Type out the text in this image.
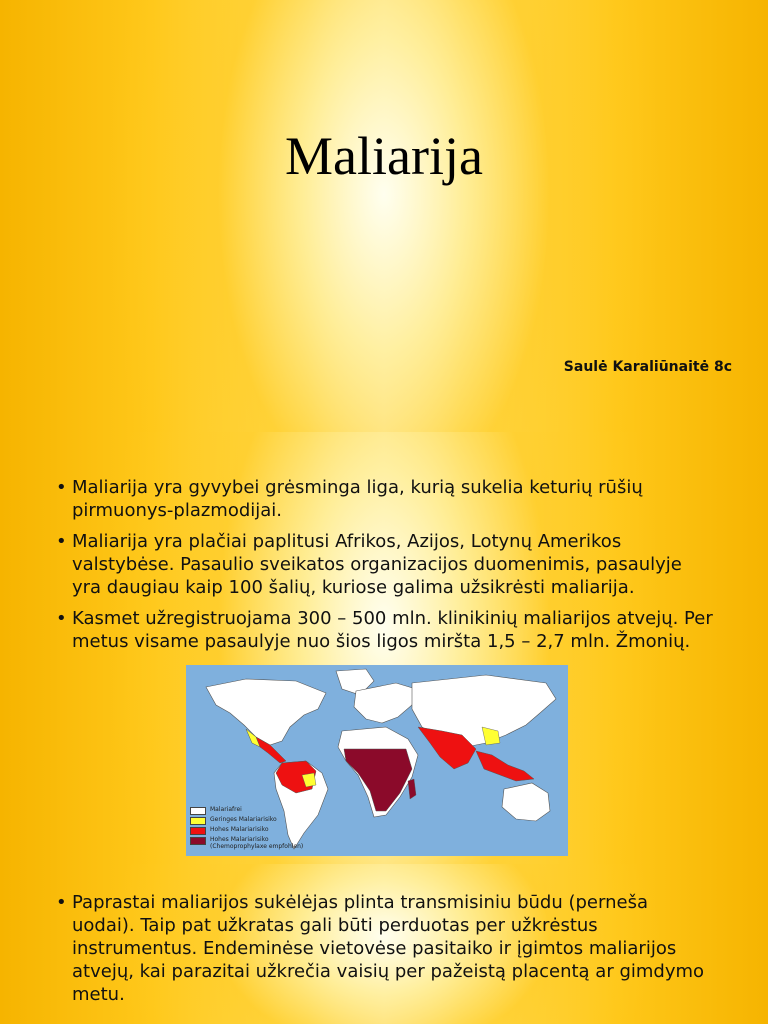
Maliarija
Saulė Karaliūnaitė 8c
• Maliarija yra gyvybei grėsminga liga, kurią sukelia keturių rūšių pirmuonys-plazmodijai.
• Maliarija yra plačiai paplitusi Afrikos, Azijos, Lotynų Amerikos valstybėse. Pasaulio sveikatos organizacijos duomenimis, pasaulyje yra daugiau kaip 100 šalių, kuriose galima užsikrėsti maliarija.
• Kasmet užregistruojama 300 – 500 mln. klinikinių maliarijos atvejų. Per metus visame pasaulyje nuo šios ligos miršta 1,5 – 2,7 mln. Žmonių.
Malariafrei
Geringes Malariarisiko
Hohes Malariarisiko
Hohes Malariarisiko
(Chemoprophylaxe empfohlen)
• Paprastai maliarijos sukėlėjas plinta transmisiniu būdu (perneša uodai). Taip pat užkratas gali būti perduotas per užkrėstus instrumentus. Endeminėse vietovėse pasitaiko ir įgimtos maliarijos atvejų, kai parazitai užkrečia vaisių per pažeistą placentą ar gimdymo metu.
